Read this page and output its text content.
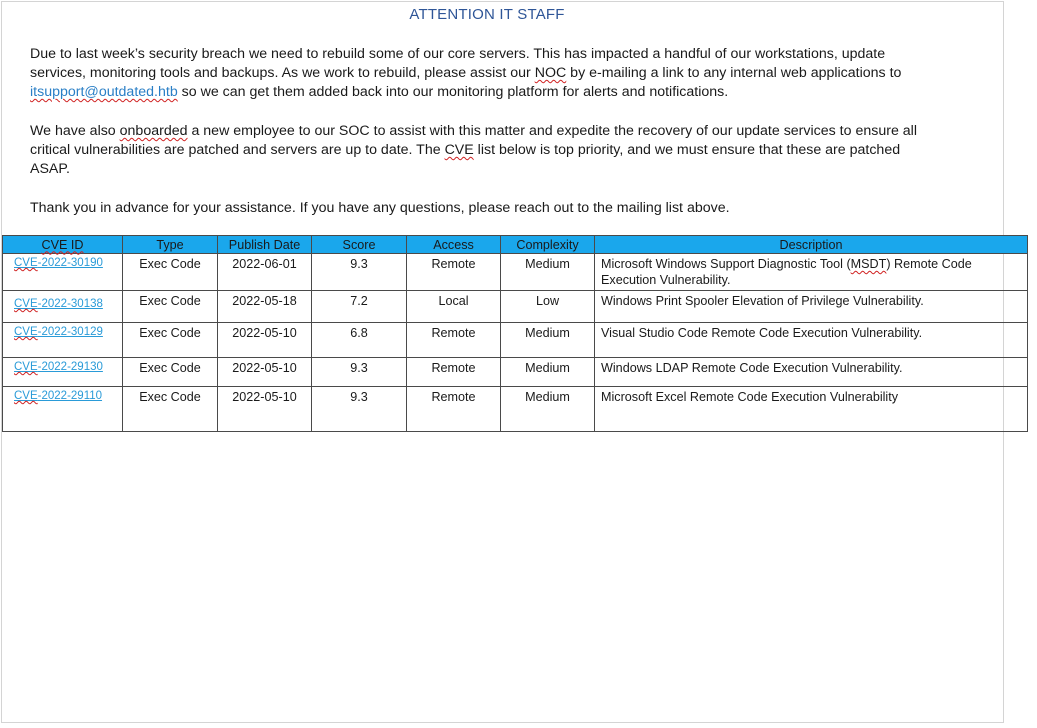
ATTENTION IT STAFF

Due to last week’s security breach we need to rebuild some of our core servers. This has impacted a handful of our workstations, update services, monitoring tools and backups. As we work to rebuild, please assist our NOC by e-mailing a link to any internal web applications to itsupport@outdated.htb so we can get them added back into our monitoring platform for alerts and notifications.

We have also onboarded a new employee to our SOC to assist with this matter and expedite the recovery of our update services to ensure all critical vulnerabilities are patched and servers are up to date. The CVE list below is top priority, and we must ensure that these are patched ASAP.

Thank you in advance for your assistance. If you have any questions, please reach out to the mailing list above.

CVE ID	Type	Publish Date	Score	Access	Complexity	Description
CVE-2022-30190	Exec Code	2022-06-01	9.3	Remote	Medium	Microsoft Windows Support Diagnostic Tool (MSDT) Remote Code Execution Vulnerability.
CVE-2022-30138	Exec Code	2022-05-18	7.2	Local	Low	Windows Print Spooler Elevation of Privilege Vulnerability.
CVE-2022-30129	Exec Code	2022-05-10	6.8	Remote	Medium	Visual Studio Code Remote Code Execution Vulnerability.
CVE-2022-29130	Exec Code	2022-05-10	9.3	Remote	Medium	Windows LDAP Remote Code Execution Vulnerability.
CVE-2022-29110	Exec Code	2022-05-10	9.3	Remote	Medium	Microsoft Excel Remote Code Execution Vulnerability
